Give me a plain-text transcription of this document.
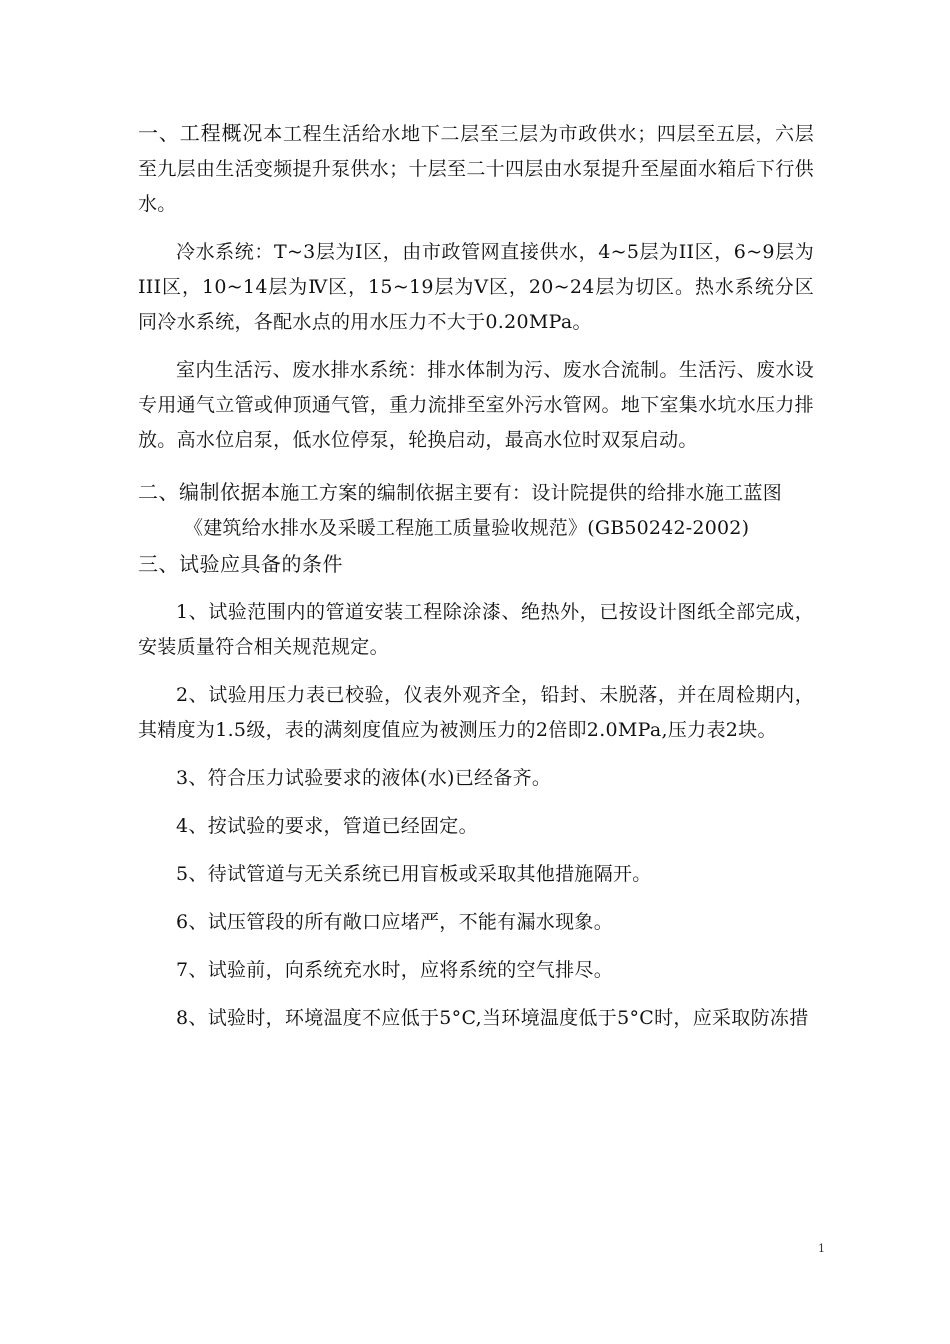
一、工程概况本工程生活给水地下二层至三层为市政供水；四层至五层，六层至九层由生活变频提升泵供水；十层至二十四层由水泵提升至屋面水箱后下行供水。

冷水系统：T~3层为Ⅰ区，由市政管网直接供水，4~5层为II区，6~9层为III区，10~14层为Ⅳ区，15~19层为Ⅴ区，20~24层为切区。热水系统分区同冷水系统，各配水点的用水压力不大于0.20MPa。

室内生活污、废水排水系统：排水体制为污、废水合流制。生活污、废水设专用通气立管或伸顶通气管，重力流排至室外污水管网。地下室集水坑水压力排放。高水位启泵，低水位停泵，轮换启动，最高水位时双泵启动。

二、编制依据本施工方案的编制依据主要有：设计院提供的给排水施工蓝图

《建筑给水排水及采暖工程施工质量验收规范》(GB50242-2002)

三、试验应具备的条件

1、试验范围内的管道安装工程除涂漆、绝热外，已按设计图纸全部完成，安装质量符合相关规范规定。

2、试验用压力表已校验，仪表外观齐全，铅封、未脱落，并在周检期内，其精度为1.5级，表的满刻度值应为被测压力的2倍即2.0MPa,压力表2块。

3、符合压力试验要求的液体(水)已经备齐。

4、按试验的要求，管道已经固定。

5、待试管道与无关系统已用盲板或采取其他措施隔开。

6、试压管段的所有敞口应堵严，不能有漏水现象。

7、试验前，向系统充水时，应将系统的空气排尽。

8、试验时，环境温度不应低于5°C,当环境温度低于5°C时，应采取防冻措

1
